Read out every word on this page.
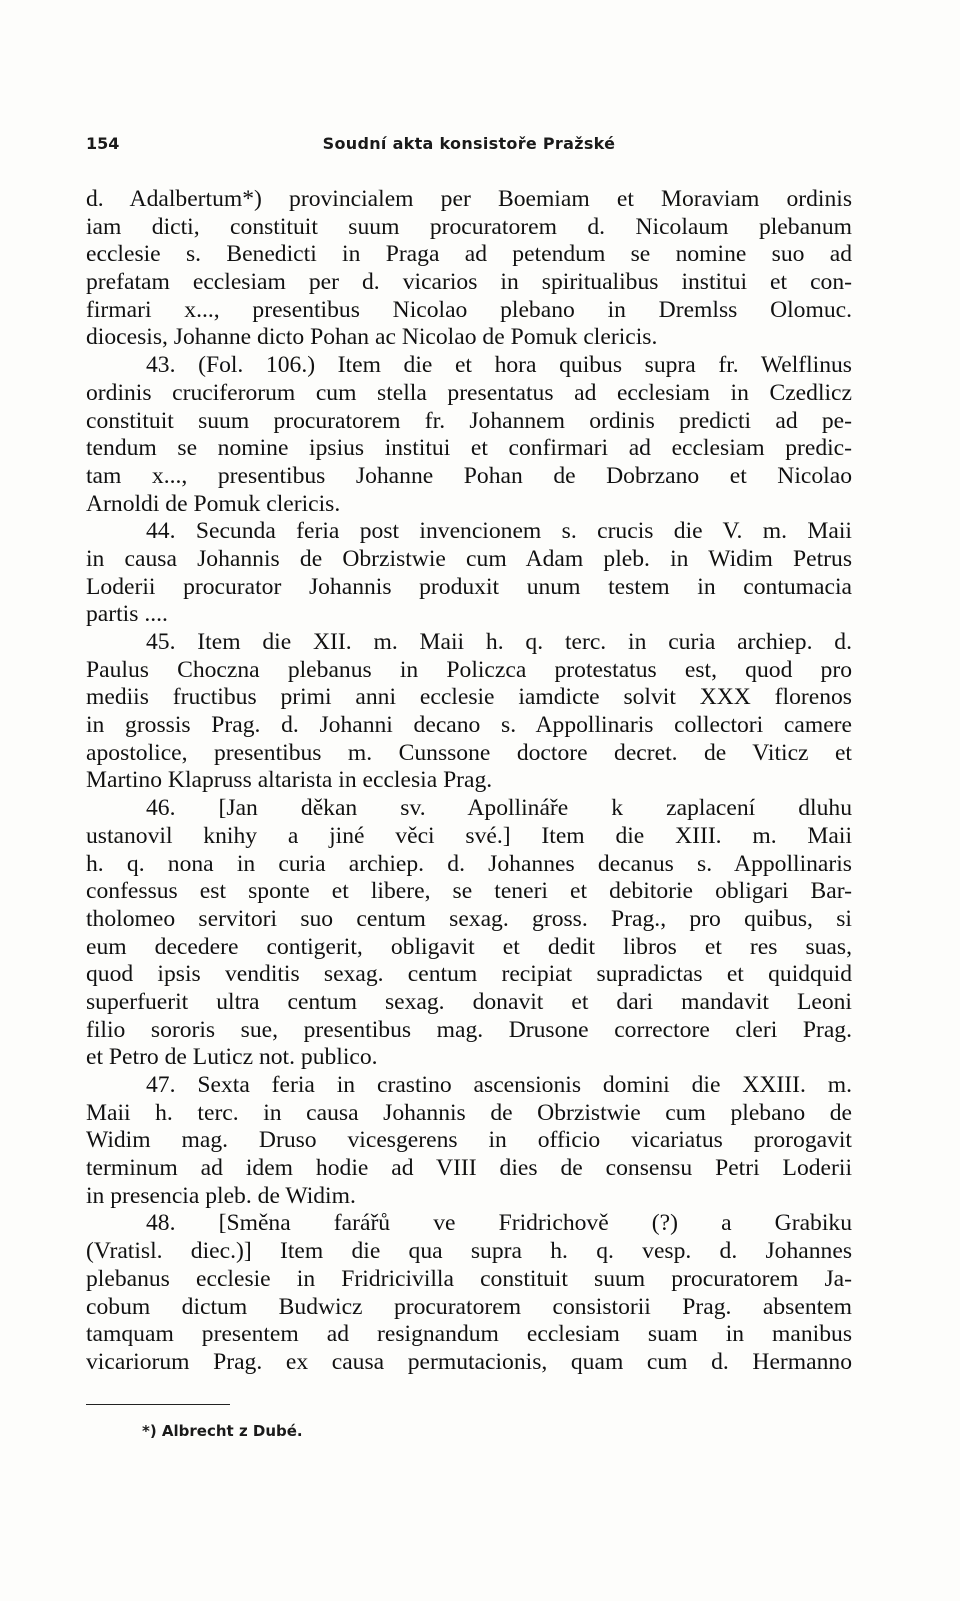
154	Soudní akta konsistoře Pražské
d. Adalbertum*) provincialem per Boemiam et Moraviam ordinis
iam dicti, constituit suum procuratorem d. Nicolaum plebanum
ecclesie s. Benedicti in Praga ad petendum se nomine suo ad
prefatam ecclesiam per d. vicarios in spiritualibus institui et con-
firmari x..., presentibus Nicolao plebano in Dremlss Olomuc.
diocesis, Johanne dicto Pohan ac Nicolao de Pomuk clericis.
43. (Fol. 106.) Item die et hora quibus supra fr. Welflinus
ordinis cruciferorum cum stella presentatus ad ecclesiam in Czedlicz
constituit suum procuratorem fr. Johannem ordinis predicti ad pe-
tendum se nomine ipsius institui et confirmari ad ecclesiam predic-
tam x..., presentibus Johanne Pohan de Dobrzano et Nicolao
Arnoldi de Pomuk clericis.
44. Secunda feria post invencionem s. crucis die V. m. Maii
in causa Johannis de Obrzistwie cum Adam pleb. in Widim Petrus
Loderii procurator Johannis produxit unum testem in contumacia
partis ....
45. Item die XII. m. Maii h. q. terc. in curia archiep. d.
Paulus Choczna plebanus in Policzca protestatus est, quod pro
mediis fructibus primi anni ecclesie iamdicte solvit XXX florenos
in grossis Prag. d. Johanni decano s. Appollinaris collectori camere
apostolice, presentibus m. Cunssone doctore decret. de Viticz et
Martino Klapruss altarista in ecclesia Prag.
46. [Jan děkan sv. Apollináře k zaplacení dluhu
ustanovil knihy a jiné věci své.] Item die XIII. m. Maii
h. q. nona in curia archiep. d. Johannes decanus s. Appollinaris
confessus est sponte et libere, se teneri et debitorie obligari Bar-
tholomeo servitori suo centum sexag. gross. Prag., pro quibus, si
eum decedere contigerit, obligavit et dedit libros et res suas,
quod ipsis venditis sexag. centum recipiat supradictas et quidquid
superfuerit ultra centum sexag. donavit et dari mandavit Leoni
filio sororis sue, presentibus mag. Drusone correctore cleri Prag.
et Petro de Luticz not. publico.
47. Sexta feria in crastino ascensionis domini die XXIII. m.
Maii h. terc. in causa Johannis de Obrzistwie cum plebano de
Widim mag. Druso vicesgerens in officio vicariatus prorogavit
terminum ad idem hodie ad VIII dies de consensu Petri Loderii
in presencia pleb. de Widim.
48. [Směna farářů ve Fridrichově (?) a Grabiku
(Vratisl. diec.)] Item die qua supra h. q. vesp. d. Johannes
plebanus ecclesie in Fridricivilla constituit suum procuratorem Ja-
cobum dictum Budwicz procuratorem consistorii Prag. absentem
tamquam presentem ad resignandum ecclesiam suam in manibus
vicariorum Prag. ex causa permutacionis, quam cum d. Hermanno
*) Albrecht z Dubé.
